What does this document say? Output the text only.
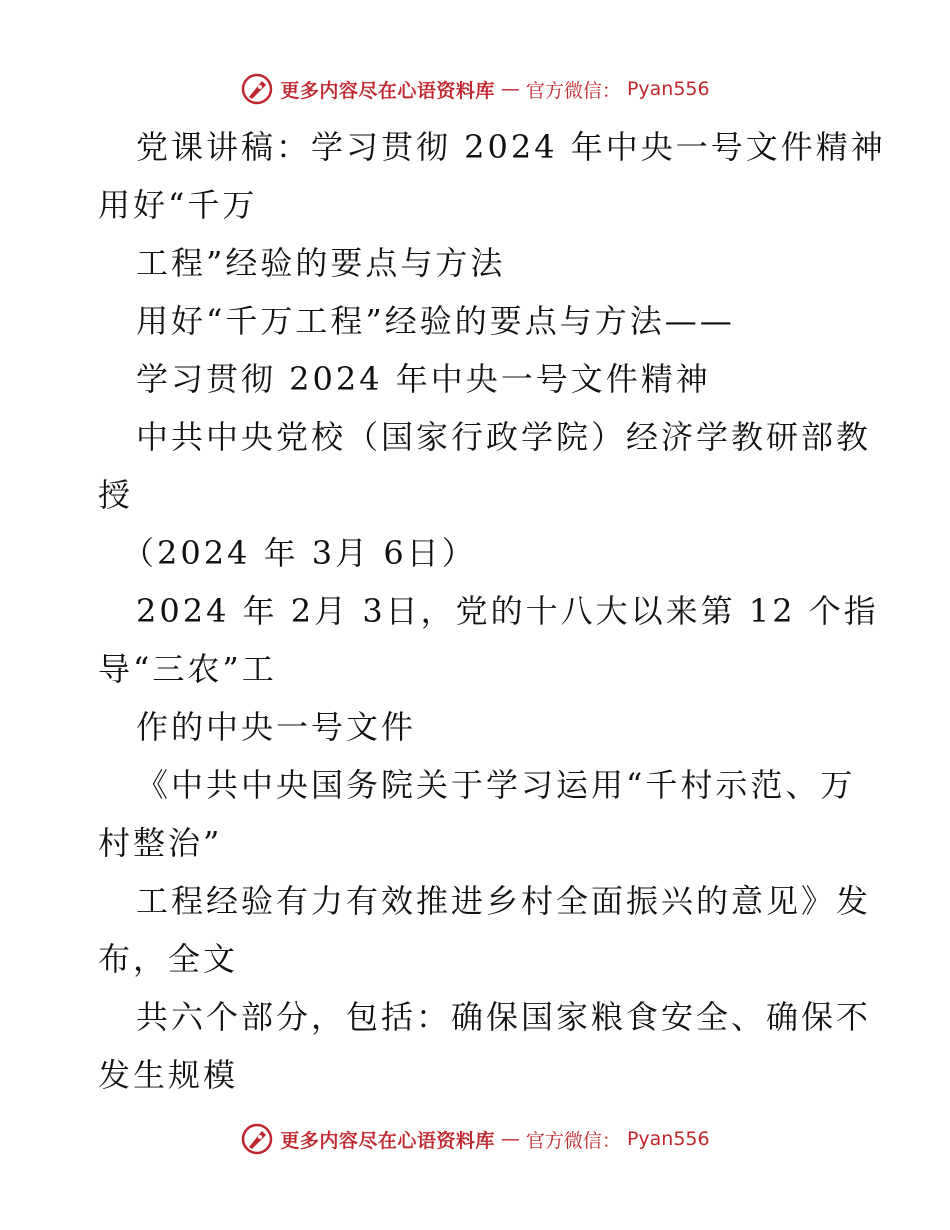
更多内容尽在心语资料库 — 官方微信： Pyan556
党课讲稿：学习贯彻 2024 年中央一号文件精神
用好“千万
工程”经验的要点与方法
用好“千万工程”经验的要点与方法——
学习贯彻 2024 年中央一号文件精神
中共中央党校（国家行政学院）经济学教研部教
授
（2024 年 3月 6日）
2024 年 2月 3日，党的十八大以来第 12 个指
导“三农”工
作的中央一号文件
《中共中央国务院关于学习运用“千村示范、万
村整治”
工程经验有力有效推进乡村全面振兴的意见》发
布，全文
共六个部分，包括：确保国家粮食安全、确保不
发生规模
更多内容尽在心语资料库 — 官方微信： Pyan556
